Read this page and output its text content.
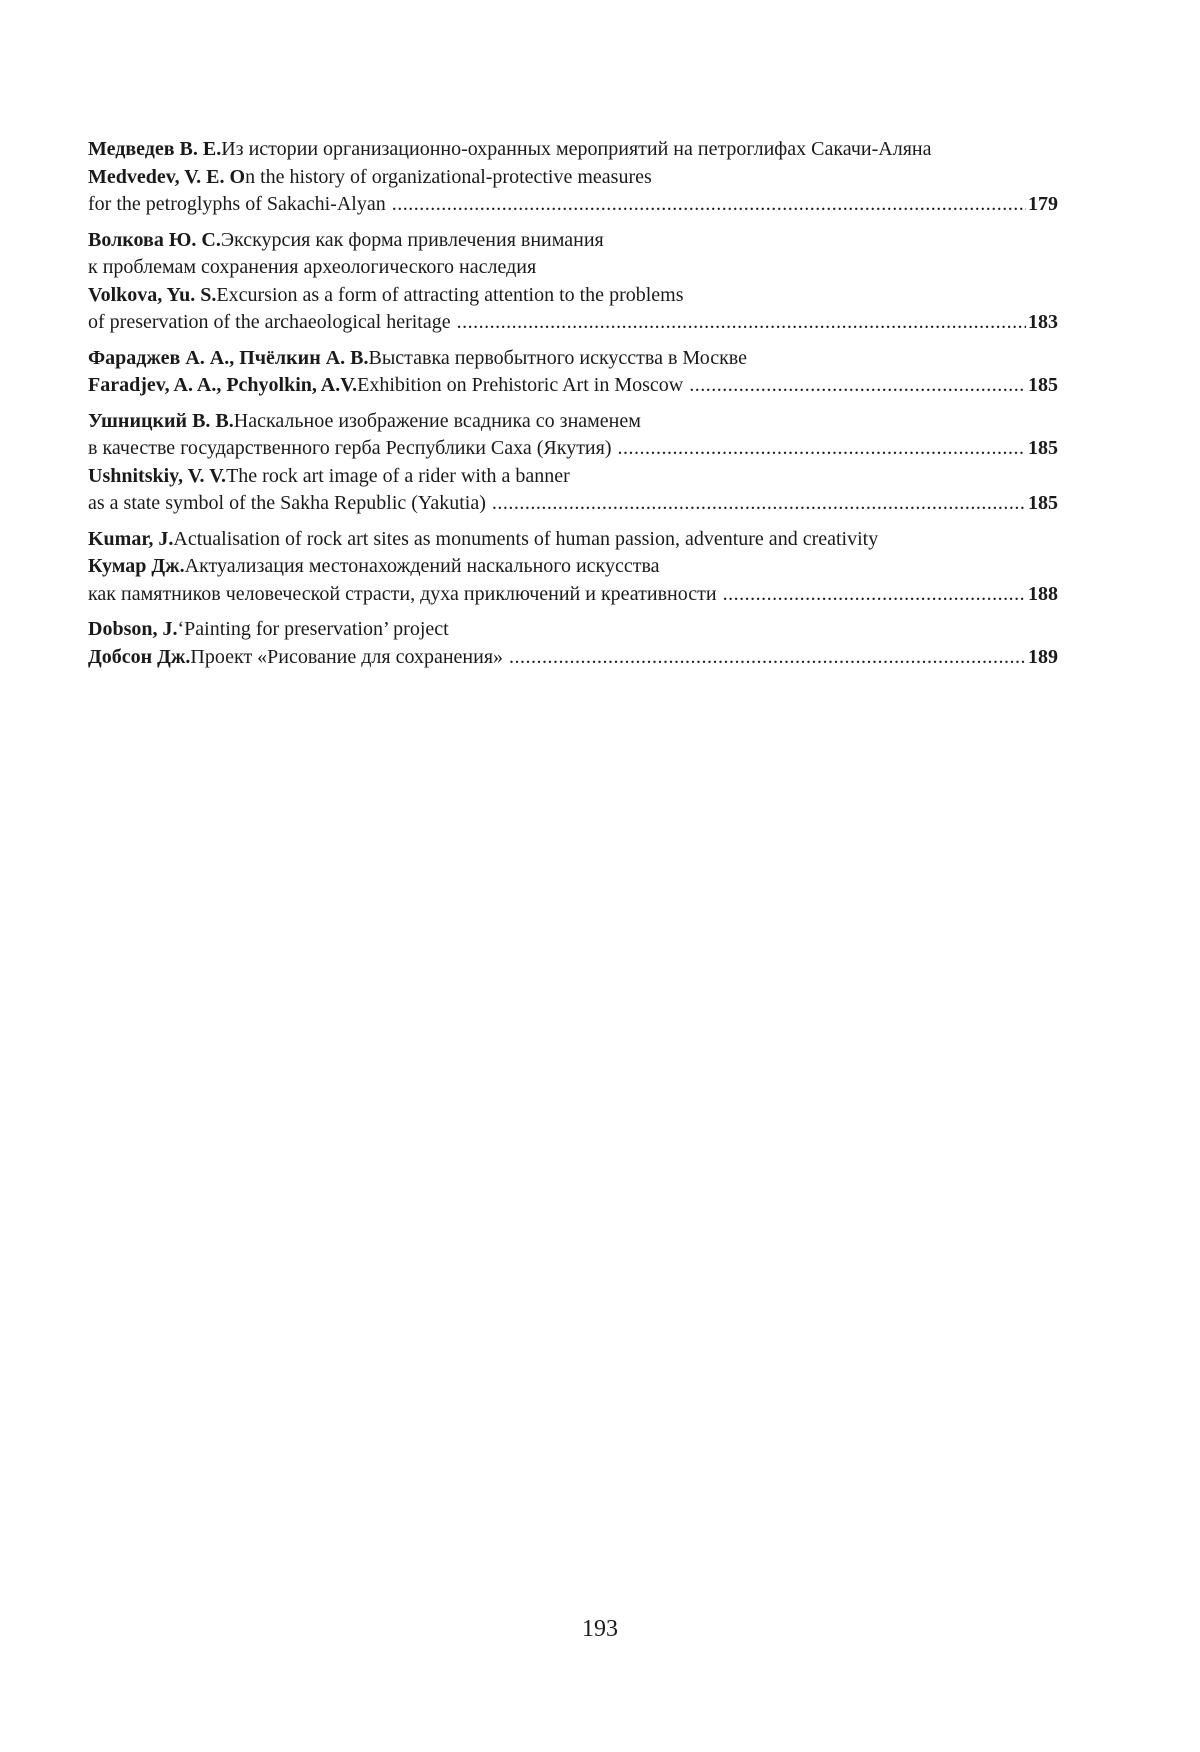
Медведев В. Е. Из истории организационно-охранных мероприятий на петроглифах Сакачи-Аляна
Medvedev, V. E. O n the history of organizational-protective measures
for the petroglyphs of Sakachi-Alyan .....	179
Волкова Ю. С. Экскурсия как форма привлечения внимания
к проблемам сохранения археологического наследия
Volkova, Yu. S. Excursion as a form of attracting attention to the problems
of preservation of the archaeological heritage .....	183
Фараджев А. А., Пчёлкин А. В. Выставка первобытного искусства в Москве
Faradjev, A. A., Pchyolkin, A.V. Exhibition on Prehistoric Art in Moscow .....	185
Ушницкий В. В. Наскальное изображение всадника со знаменем
в качестве государственного герба Республики Саха (Якутия) .....	185
Ushnitskiy, V. V. The rock art image of a rider with a banner
as a state symbol of the Sakha Republic (Yakutia) .....	185
Kumar, J. Actualisation of rock art sites as monuments of human passion, adventure and creativity
Кумар Дж. Актуализация местонахождений наскального искусства
как памятников человеческой страсти, духа приключений и креативности .....	188
Dobson, J. ‘Painting for preservation’ project
Добсон Дж. Проект «Рисование для сохранения» .....	189
193
